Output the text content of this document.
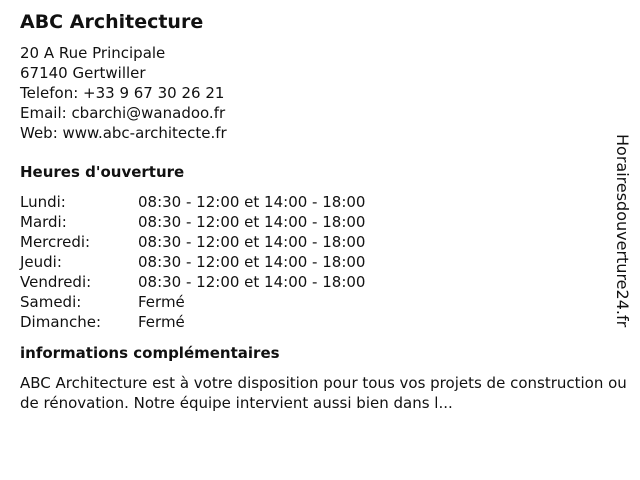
ABC Architecture
20 A Rue Principale
67140 Gertwiller
Telefon: +33 9 67 30 26 21
Email: cbarchi@wanadoo.fr
Web: www.abc-architecte.fr
Heures d'ouverture
Lundi:	08:30 - 12:00 et 14:00 - 18:00
Mardi:	08:30 - 12:00 et 14:00 - 18:00
Mercredi:	08:30 - 12:00 et 14:00 - 18:00
Jeudi:	08:30 - 12:00 et 14:00 - 18:00
Vendredi:	08:30 - 12:00 et 14:00 - 18:00
Samedi:	Fermé
Dimanche:	Fermé
informations complémentaires

ABC Architecture est à votre disposition pour tous vos projets de construction ou de rénovation. Notre équipe intervient aussi bien dans l...

Horairesdouverture24.fr
